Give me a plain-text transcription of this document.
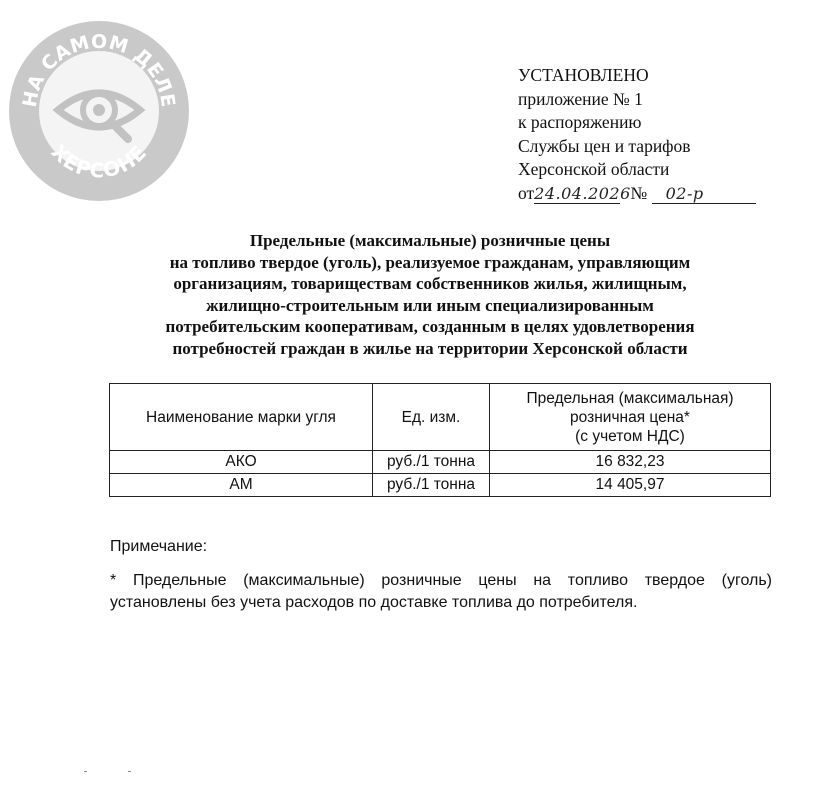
НА САМОМ ДЕЛЕ
ХЕРСОНЕ
УСТАНОВЛЕНО
приложение № 1
к распоряжению
Службы цен и тарифов
Херсонской области
от24.04.2026 № 02-р
Предельные (максимальные) розничные цены
на топливо твердое (уголь), реализуемое гражданам, управляющим
организациям, товариществам собственников жилья, жилищным,
жилищно-строительным или иным специализированным
потребительским кооперативам, созданным в целях удовлетворения
потребностей граждан в жилье на территории Херсонской области
Наименование марки угля	Ед. изм.	Предельная (максимальная)
розничная цена*
(с учетом НДС)

АКО	руб./1 тонна	16 832,23
АМ	руб./1 тонна	14 405,97
Примечание:
* Предельные (максимальные) розничные цены на топливо твердое (уголь) установлены без учета расходов по доставке топлива до потребителя.
